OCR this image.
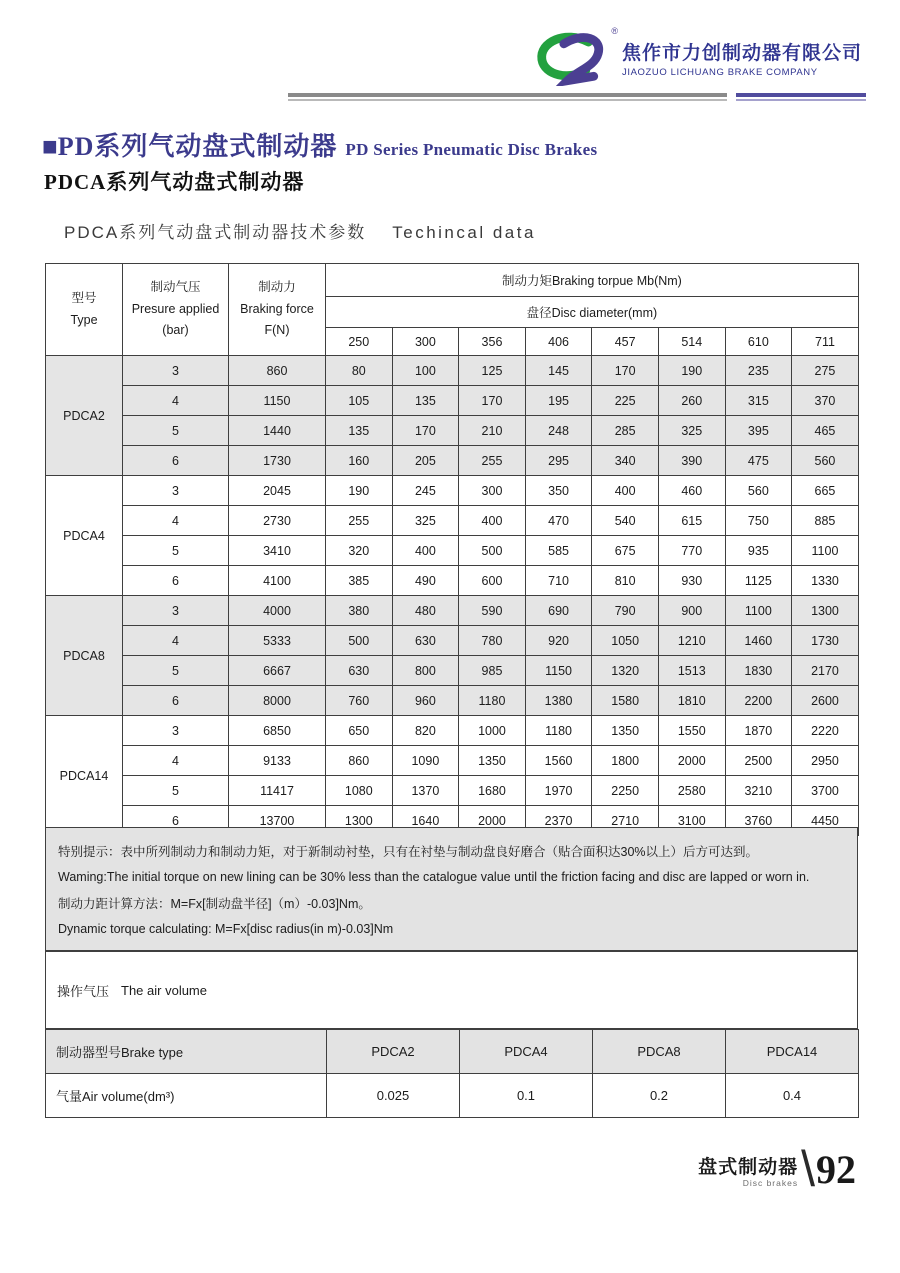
®
焦作市力创制动器有限公司
JIAOZUO LICHUANG BRAKE COMPANY
■ PD系列气动盘式制动器 PD Series Pneumatic Disc Brakes
PDCA系列气动盘式制动器
PDCA系列气动盘式制动器技术参数 Techincal data
型号
Type

制动气压
Presure applied
(bar)

制动力
Braking force
F(N)
	制动力矩Braking torpue Mb(Nm)
			盘径Disc diameter(mm)							
			250	300	356	406	457	514	610	711
PDCA2	3	860	80	100	125	145	170	190	235	275
	4	1150	105	135	170	195	225	260	315	370
	5	1440	135	170	210	248	285	325	395	465
	6	1730	160	205	255	295	340	390	475	560
PDCA4	3	2045	190	245	300	350	400	460	560	665
	4	2730	255	325	400	470	540	615	750	885
	5	3410	320	400	500	585	675	770	935	1100
	6	4100	385	490	600	710	810	930	1125	1330
PDCA8	3	4000	380	480	590	690	790	900	1100	1300
	4	5333	500	630	780	920	1050	1210	1460	1730
	5	6667	630	800	985	1150	1320	1513	1830	2170
	6	8000	760	960	1180	1380	1580	1810	2200	2600
PDCA14	3	6850	650	820	1000	1180	1350	1550	1870	2220
	4	9133	860	1090	1350	1560	1800	2000	2500	2950
	5	11417	1080	1370	1680	1970	2250	2580	3210	3700
	6	13700	1300	1640	2000	2370	2710	3100	3760	4450
特别提示：表中所列制动力和制动力矩，对于新制动衬垫，只有在衬垫与制动盘良好磨合（贴合面积达30%以上）后方可达到。
Waming:The initial torque on new lining can be 30% less than the catalogue value until the friction facing and disc are lapped or worn in.
制动力距计算方法：M=Fx[制动盘半径]（m）-0.03]Nm。
Dynamic torque calculating: M=Fx[disc radius(in m)-0.03]Nm
操作气压 The air volume
制动器型号Brake type	PDCA2	PDCA4	PDCA8	PDCA14
气量Air volume(dm³)	0.025	0.1	0.2	0.4
盘式制动器
Disc brakes \ 92
